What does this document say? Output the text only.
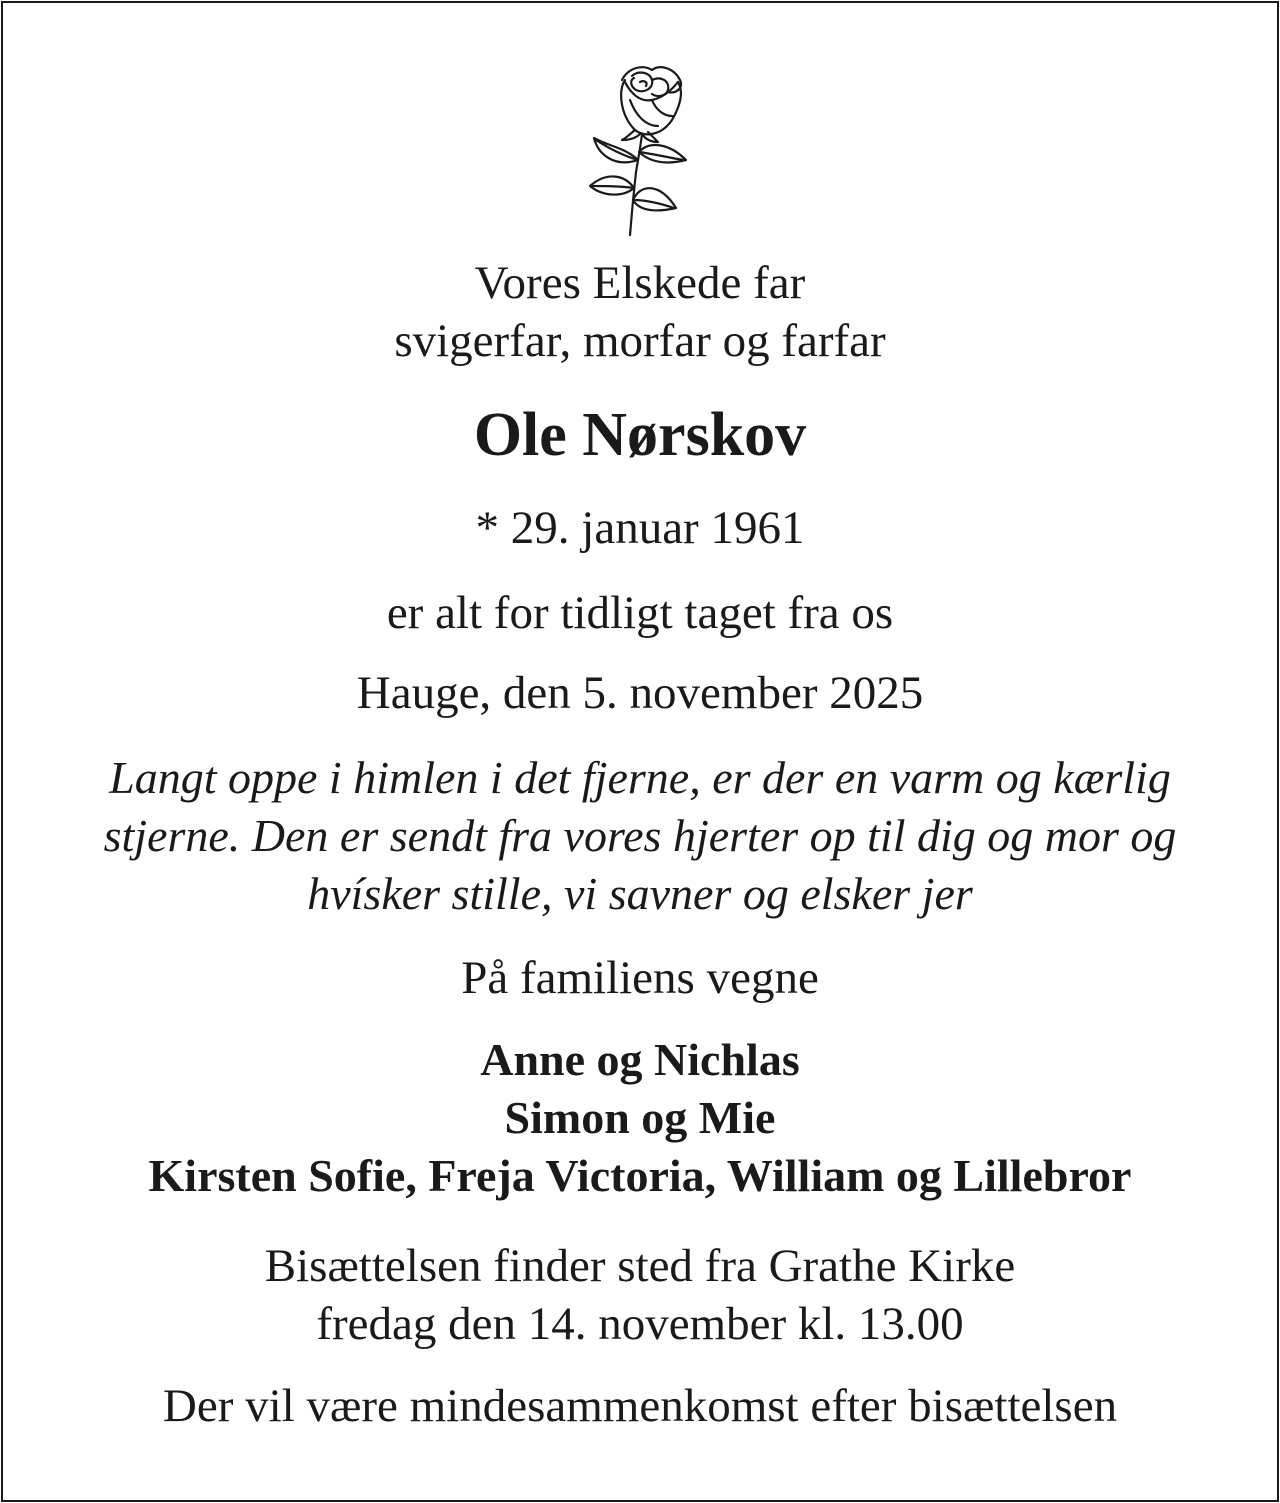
Vores Elskede far

svigerfar, morfar og farfar

Ole Nørskov

* 29. januar 1961

er alt for tidligt taget fra os

Hauge, den 5. november 2025

Langt oppe i himlen i det fjerne, er der en varm og kærlig

stjerne. Den er sendt fra vores hjerter op til dig og mor og

hvísker stille, vi savner og elsker jer

På familiens vegne

Anne og Nichlas

Simon og Mie

Kirsten Sofie, Freja Victoria, William og Lillebror

Bisættelsen finder sted fra Grathe Kirke

fredag den 14. november kl. 13.00

Der vil være mindesammenkomst efter bisættelsen
